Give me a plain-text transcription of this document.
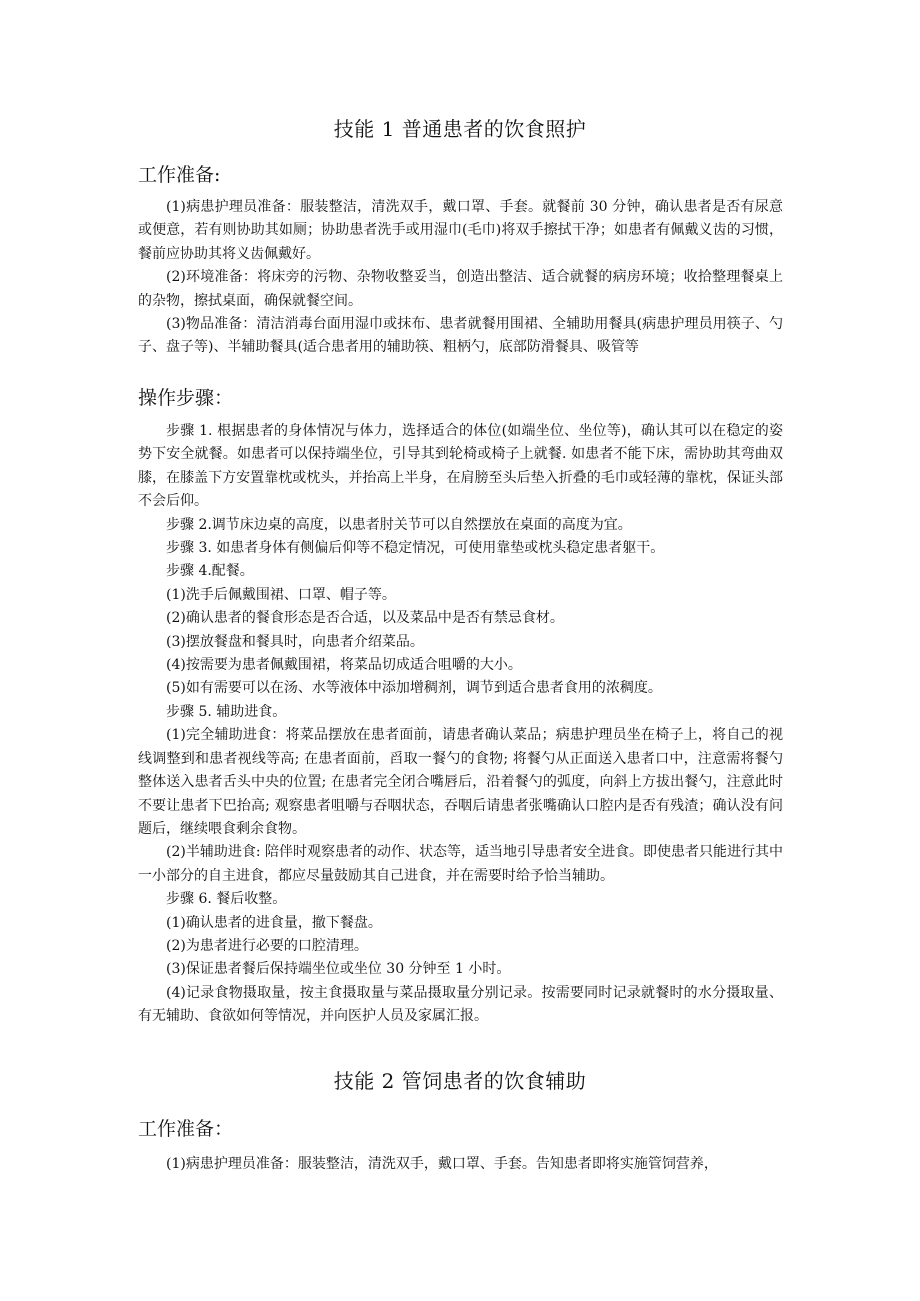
技能 1 普通患者的饮食照护
工作准备:

(1)病患护理员准备：服装整洁，清洗双手，戴口罩、手套。就餐前 30 分钟，确认患者是否有尿意或便意，若有则协助其如厕；协助患者洗手或用湿巾(毛巾)将双手擦拭干净；如患者有佩戴义齿的习惯，餐前应协助其将义齿佩戴好。

(2)环境准备：将床旁的污物、杂物收整妥当，创造出整洁、适合就餐的病房环境；收拾整理餐桌上的杂物，擦拭桌面，确保就餐空间。

(3)物品准备：清洁消毒台面用湿巾或抹布、患者就餐用围裙、全辅助用餐具(病患护理员用筷子、勺子、盘子等)、半辅助餐具(适合患者用的辅助筷、粗柄勺，底部防滑餐具、吸管等

操作步骤：

步骤 1. 根据患者的身体情况与体力，选择适合的体位(如端坐位、坐位等)，确认其可以在稳定的姿势下安全就餐。如患者可以保持端坐位，引导其到轮椅或椅子上就餐. 如患者不能下床，需协助其弯曲双膝，在膝盖下方安置靠枕或枕头，并抬高上半身，在肩膀至头后垫入折叠的毛巾或轻薄的靠枕，保证头部不会后仰。

步骤 2.调节床边桌的高度，以患者肘关节可以自然摆放在桌面的高度为宜。

步骤 3. 如患者身体有侧偏后仰等不稳定情况，可使用靠垫或枕头稳定患者躯干。

步骤 4.配餐。

(1)洗手后佩戴围裙、口罩、帽子等。

(2)确认患者的餐食形态是否合适，以及菜品中是否有禁忌食材。

(3)摆放餐盘和餐具时，向患者介绍菜品。

(4)按需要为患者佩戴围裙，将菜品切成适合咀嚼的大小。

(5)如有需要可以在汤、水等液体中添加增稠剂，调节到适合患者食用的浓稠度。

步骤 5. 辅助进食。

(1)完全辅助进食：将菜品摆放在患者面前，请患者确认菜品；病患护理员坐在椅子上，将自己的视线调整到和患者视线等高; 在患者面前，舀取一餐勺的食物; 将餐勺从正面送入患者口中，注意需将餐勺整体送入患者舌头中央的位置; 在患者完全闭合嘴唇后，沿着餐勺的弧度，向斜上方拔出餐勺，注意此时不要让患者下巴抬高; 观察患者咀嚼与吞咽状态，吞咽后请患者张嘴确认口腔内是否有残渣；确认没有问题后，继续喂食剩余食物。

(2)半辅助进食: 陪伴时观察患者的动作、状态等，适当地引导患者安全进食。即使患者只能进行其中一小部分的自主进食，都应尽量鼓励其自己进食，并在需要时给予恰当辅助。

步骤 6. 餐后收整。

(1)确认患者的进食量，撤下餐盘。

(2)为患者进行必要的口腔清理。

(3)保证患者餐后保持端坐位或坐位 30 分钟至 1 小时。

(4)记录食物摄取量，按主食摄取量与菜品摄取量分别记录。按需要同时记录就餐时的水分摄取量、有无辅助、食欲如何等情况，并向医护人员及家属汇报。

技能 2 管饲患者的饮食辅助
工作准备：

(1)病患护理员准备：服装整洁，清洗双手，戴口罩、手套。告知患者即将实施管饲营养，
